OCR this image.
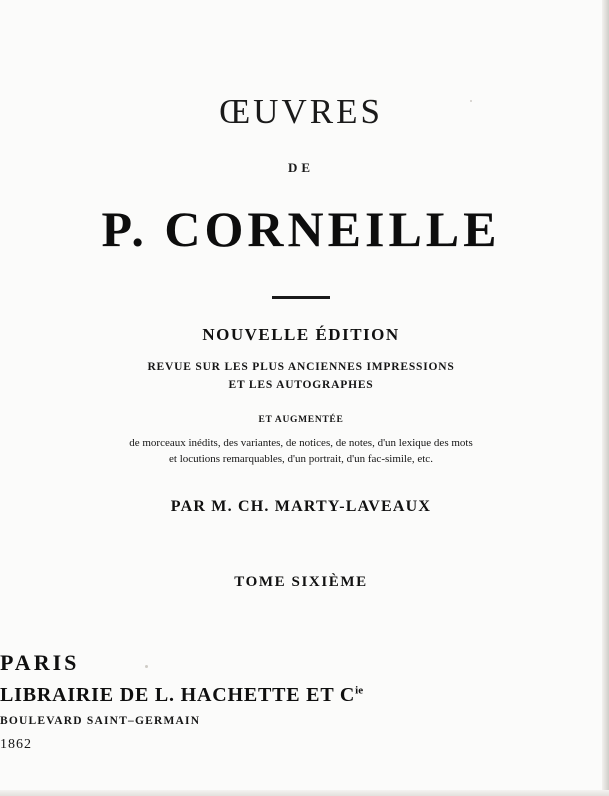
ŒUVRES
DE
P. CORNEILLE
NOUVELLE ÉDITION
REVUE SUR LES PLUS ANCIENNES IMPRESSIONS
ET LES AUTOGRAPHES
ET AUGMENTÉE
de morceaux inédits, des variantes, de notices, de notes, d'un lexique des mots
et locutions remarquables, d'un portrait, d'un fac-simile, etc.
PAR M. CH. MARTY-LAVEAUX
TOME SIXIÈME
PARIS
LIBRAIRIE DE L. HACHETTE ET $C^{ie}$
BOULEVARD SAINT–GERMAIN
1862
